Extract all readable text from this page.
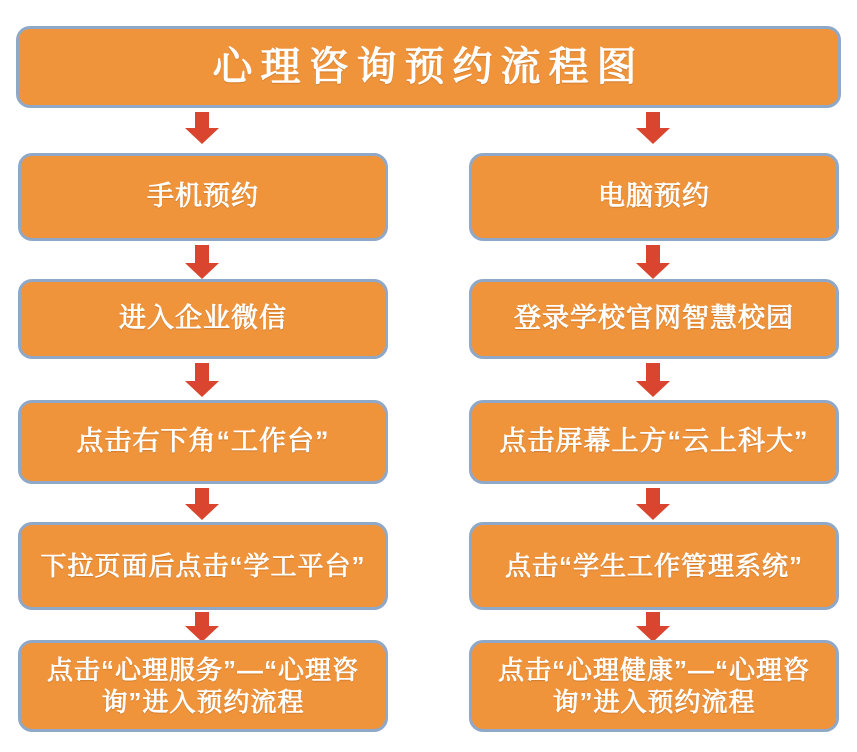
心理咨询预约流程图
手机预约
进入企业微信
点击右下角“工作台”
下拉页面后点击“学工平台”
点击“心理服务”—“心理咨询”进入预约流程
电脑预约
登录学校官网智慧校园
点击屏幕上方“云上科大”
点击“学生工作管理系统”
点击“心理健康”—“心理咨询”进入预约流程
